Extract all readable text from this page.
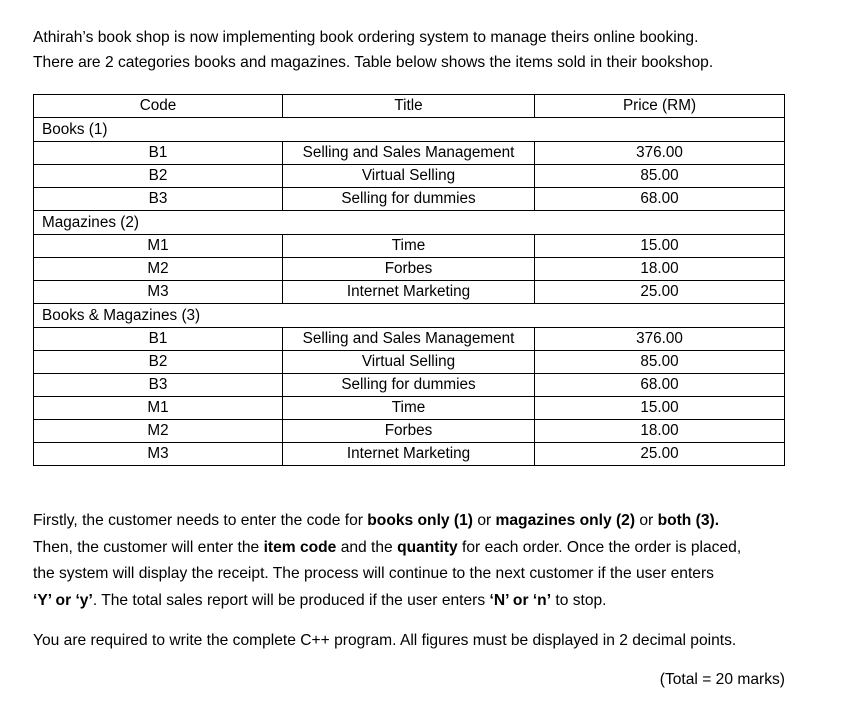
Athirah’s book shop is now implementing book ordering system to manage theirs online booking.

There are 2 categories books and magazines. Table below shows the items sold in their bookshop.

Code	Title	Price (RM)
Books (1)		
B1	Selling and Sales Management	376.00
B2	Virtual Selling	85.00
B3	Selling for dummies	68.00
Magazines (2)		
M1	Time	15.00
M2	Forbes	18.00
M3	Internet Marketing	25.00
Books & Magazines (3)		
B1	Selling and Sales Management	376.00
B2	Virtual Selling	85.00
B3	Selling for dummies	68.00
M1	Time	15.00
M2	Forbes	18.00
M3	Internet Marketing	25.00

Firstly, the customer needs to enter the code for books only (1) or magazines only (2) or both (3).

Then, the customer will enter the item code and the quantity for each order. Once the order is placed,

the system will display the receipt. The process will continue to the next customer if the user enters

‘Y’ or ‘y’. The total sales report will be produced if the user enters ‘N’ or ‘n’ to stop.

You are required to write the complete C++ program. All figures must be displayed in 2 decimal points.

(Total = 20 marks)
